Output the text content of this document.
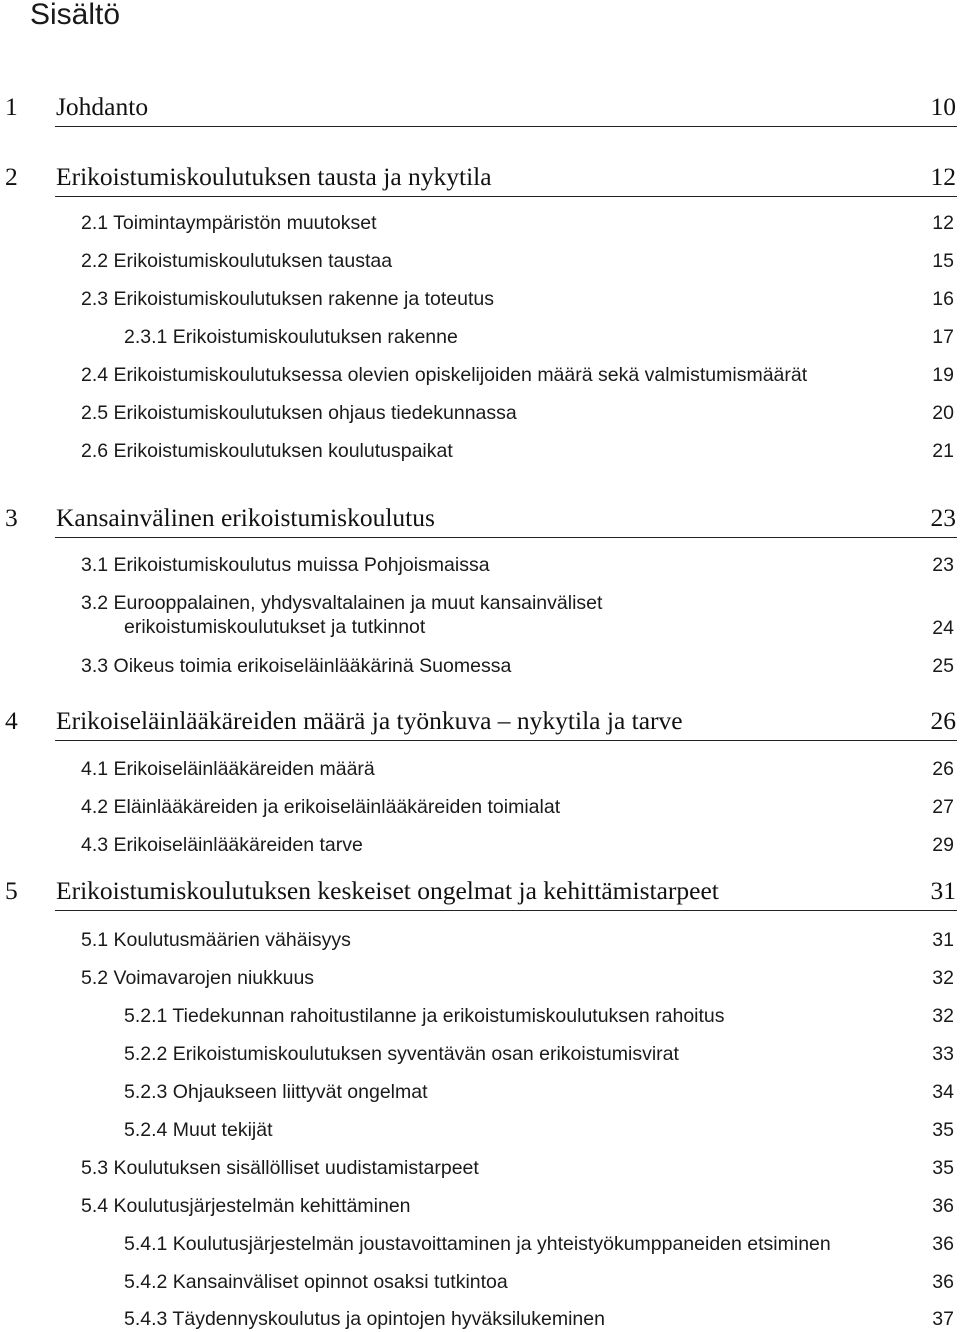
Sisältö
1 Johdanto	10
2 Erikoistumiskoulutuksen tausta ja nykytila	12
2.1 Toimintaympäristön muutokset	12
2.2 Erikoistumiskoulutuksen taustaa	15
2.3 Erikoistumiskoulutuksen rakenne ja toteutus	16
2.3.1 Erikoistumiskoulutuksen rakenne	17
2.4 Erikoistumiskoulutuksessa olevien opiskelijoiden määrä sekä valmistumismäärät	19
2.5 Erikoistumiskoulutuksen ohjaus tiedekunnassa	20
2.6 Erikoistumiskoulutuksen koulutuspaikat	21
3 Kansainvälinen erikoistumiskoulutus	23
3.1 Erikoistumiskoulutus muissa Pohjoismaissa	23
3.2 Eurooppalainen, yhdysvaltalainen ja muut kansainväliset
erikoistumiskoulutukset ja tutkinnot	24
3.3 Oikeus toimia erikoiseläinlääkärinä Suomessa	25
4 Erikoiseläinlääkäreiden määrä ja työnkuva – nykytila ja tarve	26
4.1 Erikoiseläinlääkäreiden määrä	26
4.2 Eläinlääkäreiden ja erikoiseläinlääkäreiden toimialat	27
4.3 Erikoiseläinlääkäreiden tarve	29
5 Erikoistumiskoulutuksen keskeiset ongelmat ja kehittämistarpeet	31
5.1 Koulutusmäärien vähäisyys	31
5.2 Voimavarojen niukkuus	32
5.2.1 Tiedekunnan rahoitustilanne ja erikoistumiskoulutuksen rahoitus	32
5.2.2 Erikoistumiskoulutuksen syventävän osan erikoistumisvirat	33
5.2.3 Ohjaukseen liittyvät ongelmat	34
5.2.4 Muut tekijät	35
5.3 Koulutuksen sisällölliset uudistamistarpeet	35
5.4 Koulutusjärjestelmän kehittäminen	36
5.4.1 Koulutusjärjestelmän joustavoittaminen ja yhteistyökumppaneiden etsiminen	36
5.4.2 Kansainväliset opinnot osaksi tutkintoa	36
5.4.3 Täydennyskoulutus ja opintojen hyväksilukeminen	37
